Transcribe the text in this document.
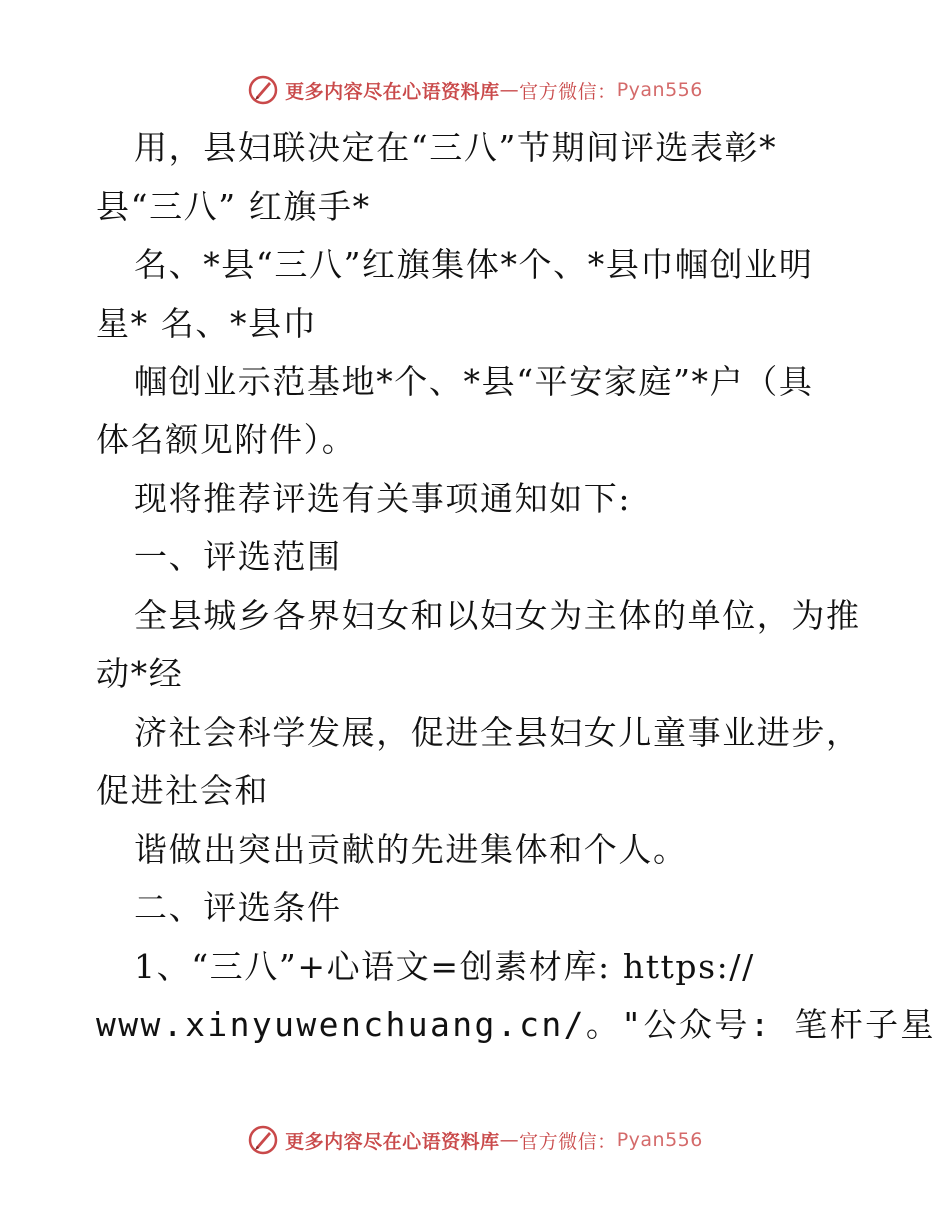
更多内容尽在心语资料库 — 官方微信： Pyan556
用，县妇联决定在“三八”节期间评选表彰*
县“三八” 红旗手*
名、*县“三八”红旗集体*个、*县巾帼创业明
星* 名、*县巾
帼创业示范基地*个、*县“平安家庭”*户（具
体名额见附件）。
现将推荐评选有关事项通知如下:
一、评选范围
全县城乡各界妇女和以妇女为主体的单位，为推
动*经
济社会科学发展，促进全县妇女儿童事业进步，
促进社会和
谐做出突出贡献的先进集体和个人。
二、评选条件
1、“三八”+心语文=创素材库: https://
www.xinyuwenchuang.cn/。"公众号: 笔杆子星
更多内容尽在心语资料库 — 官方微信： Pyan556
